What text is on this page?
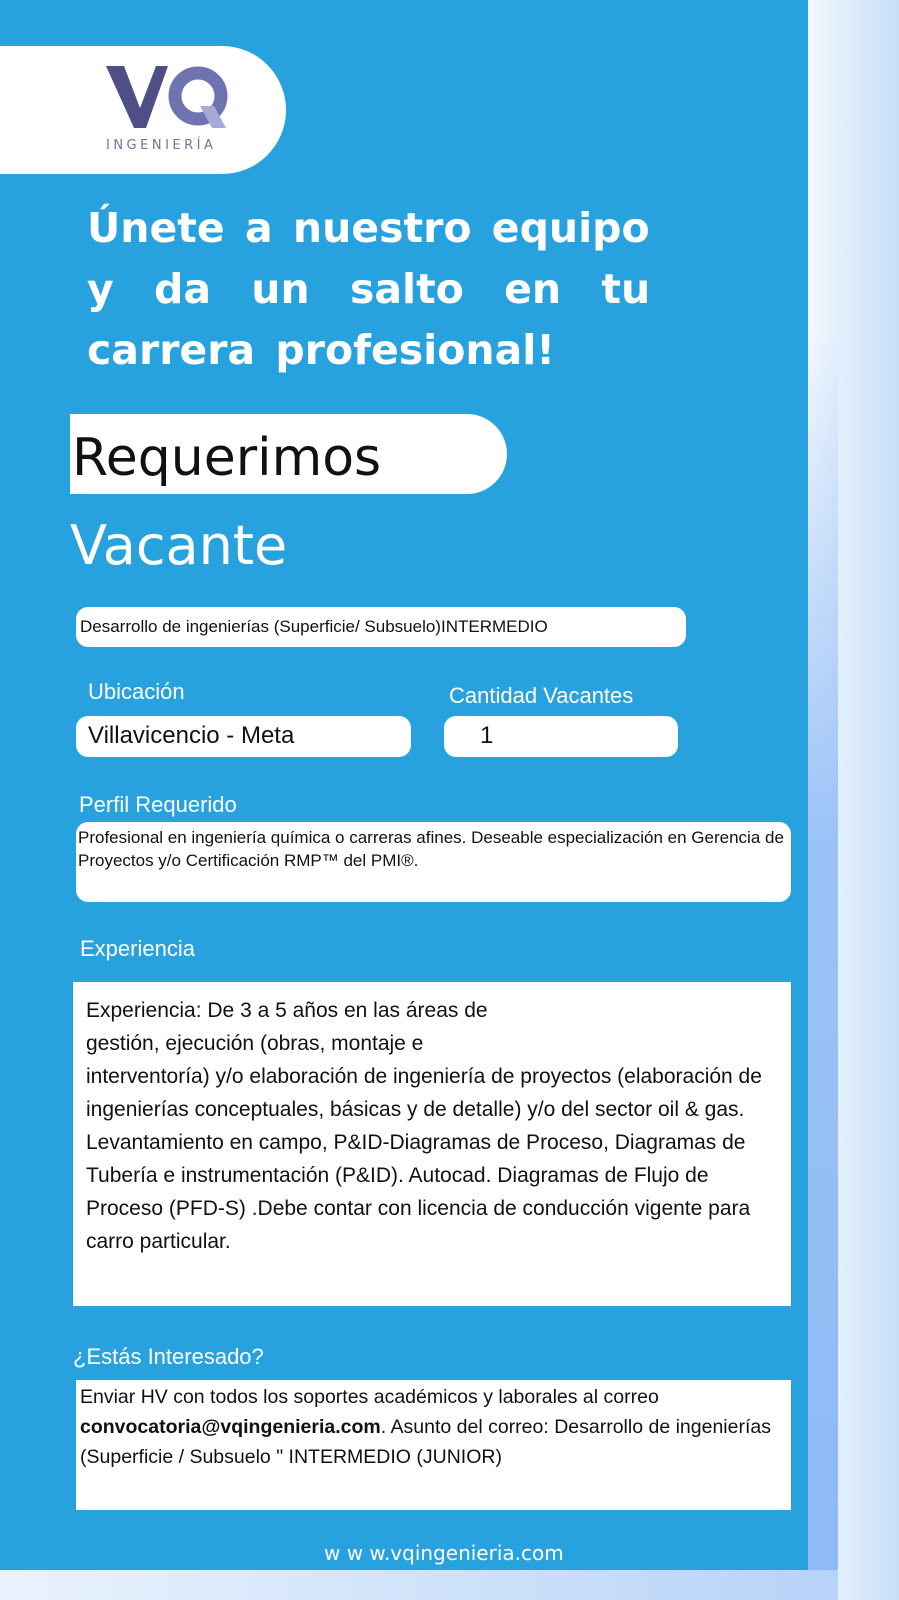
INGENIERÍA
Únete a nuestro equipo
y da un salto en tu
carrera profesional!
Requerimos
Vacante
Desarrollo de ingenierías (Superficie/ Subsuelo)INTERMEDIO
Ubicación	Cantidad Vacantes
Villavicencio - Meta	1
Perfil Requerido
Profesional en ingeniería química o carreras afines. Deseable especialización en Gerencia de Proyectos y/o Certificación RMP™ del PMI®.
Experiencia
Experiencia: De 3 a 5 años en las áreas de
gestión, ejecución (obras, montaje e
interventoría) y/o elaboración de ingeniería de proyectos (elaboración de ingenierías conceptuales, básicas y de detalle) y/o del sector oil & gas. Levantamiento en campo, P&ID-Diagramas de Proceso, Diagramas de Tubería e instrumentación (P&ID). Autocad. Diagramas de Flujo de Proceso (PFD-S) .Debe contar con licencia de conducción vigente para carro particular.
¿Estás Interesado?
Enviar HV con todos los soportes académicos y laborales al correo convocatoria@vqingenieria.com. Asunto del correo: Desarrollo de ingenierías (Superficie / Subsuelo " INTERMEDIO (JUNIOR)
w w w.vqingenieria.com
